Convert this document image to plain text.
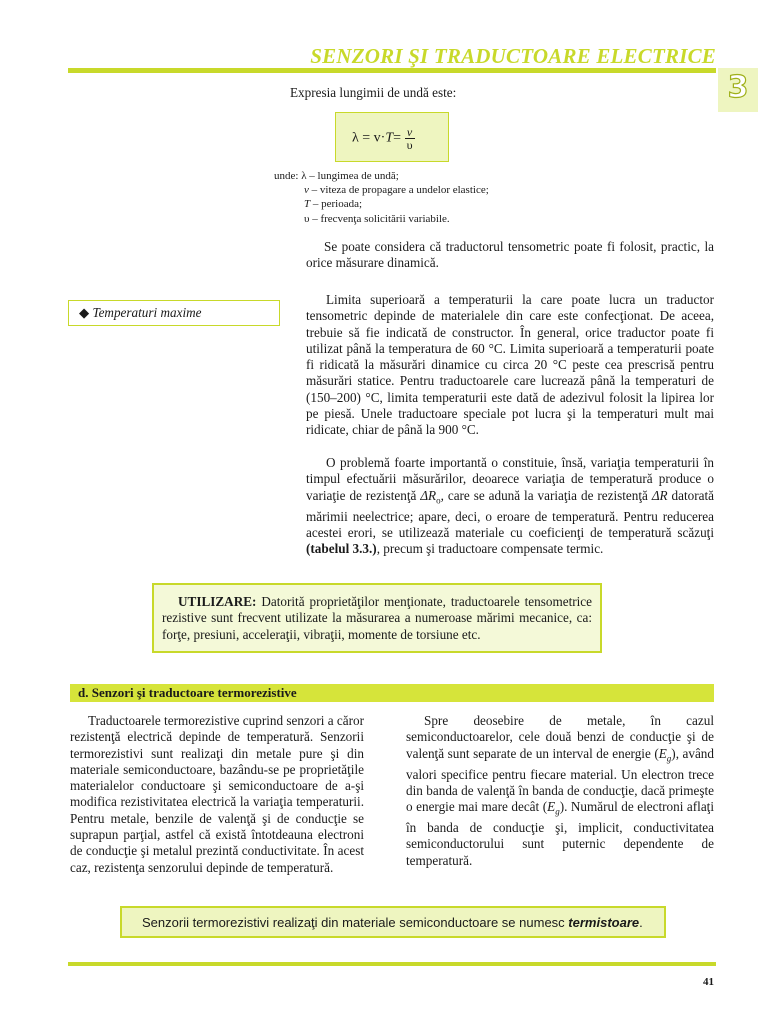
SENZORI ŞI TRADUCTOARE ELECTRICE
3
Expresia lungimii de undă este:
$\lambda = v\cdot T= \frac{v}{\upsilon}$
unde: λ – lungimea de undă;
v – viteza de propagare a undelor elastice;
T – perioada;
υ – frecvenţa solicitării variabile.
Se poate considera că traductorul tensometric poate fi folosit, practic, la orice măsurare dinamică.
◆ Temperaturi maxime
Limita superioară a temperaturii la care poate lucra un traductor tensometric depinde de materialele din care este confecţionat. De aceea, trebuie să fie indicată de constructor. În general, orice traductor poate fi utilizat până la temperatura de 60 °C. Limita superioară a temperaturii poate fi ridicată la măsurări dinamice cu circa 20 °C peste cea prescrisă pentru măsurări statice. Pentru traductoarele care lucrează până la temperaturi de (150–200) °C, limita temperaturii este dată de adezivul folosit la lipirea lor pe piesă. Unele traductoare speciale pot lucra şi la temperaturi mult mai ridicate, chiar de până la 900 °C.
O problemă foarte importantă o constituie, însă, variaţia temperaturii în timpul efectuării măsurărilor, deoarece variaţia de temperatură produce o variaţie de rezistenţă $\Delta R_o$, care se adună la variaţia de rezistenţă ΔR datorată mărimii neelectrice; apare, deci, o eroare de temperatură. Pentru reducerea acestei erori, se utilizează materiale cu coeficienţi de temperatură scăzuţi (tabelul 3.3.), precum şi traductoare compensate termic.
UTILIZARE: Datorită proprietăţilor menţionate, traductoarele tensometrice rezistive sunt frecvent utilizate la măsurarea a numeroase mărimi mecanice, ca: forţe, presiuni, acceleraţii, vibraţii, momente de torsiune etc.
d. Senzori şi traductoare termorezistive
Traductoarele termorezistive cuprind senzori a căror rezistenţă electrică depinde de temperatură. Senzorii termorezistivi sunt realizaţi din metale pure şi din materiale semiconductoare, bazându-se pe proprietăţile materialelor conductoare şi semiconductoare de a-şi modifica rezistivitatea electrică la variaţia temperaturii. Pentru metale, benzile de valenţă şi de conducţie se suprapun parţial, astfel că există întotdeauna electroni de conducţie şi metalul prezintă conductivitate. În acest caz, rezistenţa senzorului depinde de temperatură.
Spre deosebire de metale, în cazul semiconductoarelor, cele două benzi de conducţie şi de valenţă sunt separate de un interval de energie $(E_g)$, având valori specifice pentru fiecare material. Un electron trece din banda de valenţă în banda de conducţie, dacă primeşte o energie mai mare decât $(E_g)$. Numărul de electroni aflaţi în banda de conducţie şi, implicit, conductivitatea semiconductorului sunt puternic dependente de temperatură.
Senzorii termorezistivi realizaţi din materiale semiconductoare se numesc termistoare.
41
